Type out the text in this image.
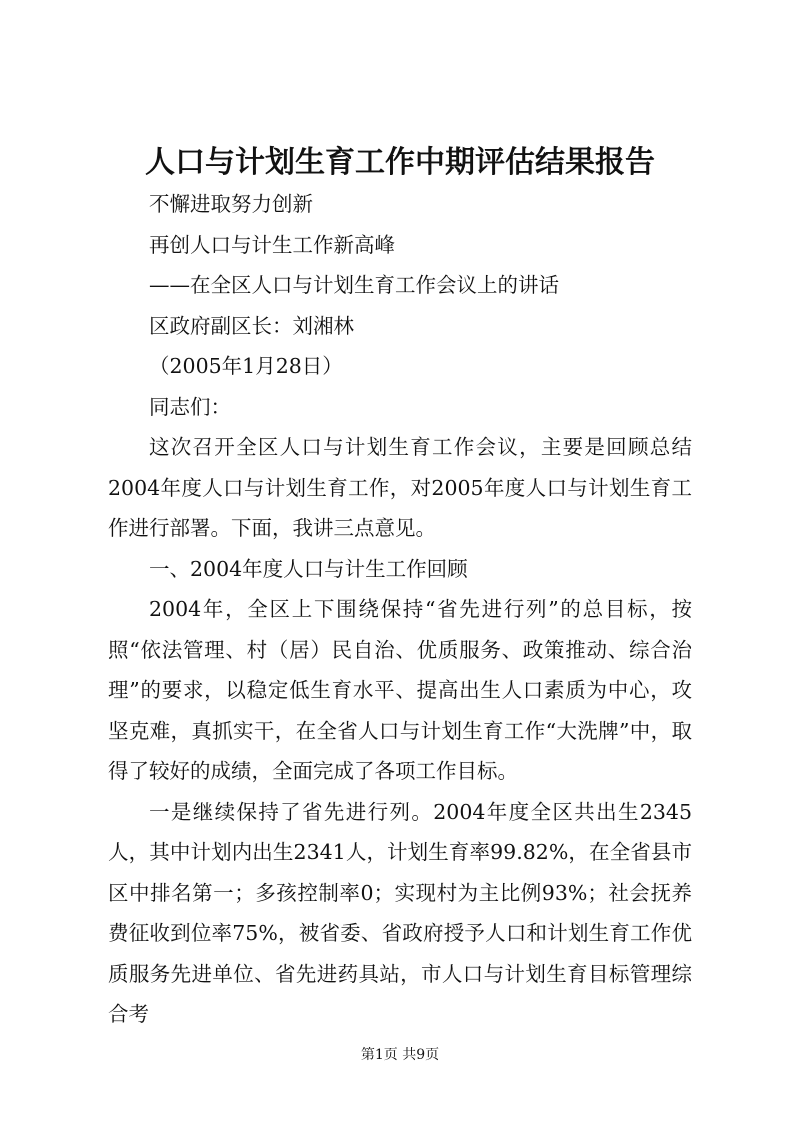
人口与计划生育工作中期评估结果报告

不懈进取努力创新

再创人口与计生工作新高峰

——在全区人口与计划生育工作会议上的讲话

区政府副区长：刘湘林

（2005年1月28日）

同志们：

这次召开全区人口与计划生育工作会议，主要是回顾总结2004年度人口与计划生育工作，对2005年度人口与计划生育工作进行部署。下面，我讲三点意见。

一、2004年度人口与计生工作回顾

2004年，全区上下围绕保持“省先进行列”的总目标，按照“依法管理、村（居）民自治、优质服务、政策推动、综合治理”的要求，以稳定低生育水平、提高出生人口素质为中心，攻坚克难，真抓实干，在全省人口与计划生育工作“大洗牌”中，取得了较好的成绩，全面完成了各项工作目标。

一是继续保持了省先进行列。2004年度全区共出生2345人，其中计划内出生2341人，计划生育率99.82%，在全省县市区中排名第一；多孩控制率0；实现村为主比例93%；社会抚养费征收到位率75%，被省委、省政府授予人口和计划生育工作优质服务先进单位、省先进药具站，市人口与计划生育目标管理综合考

第1页 共9页
